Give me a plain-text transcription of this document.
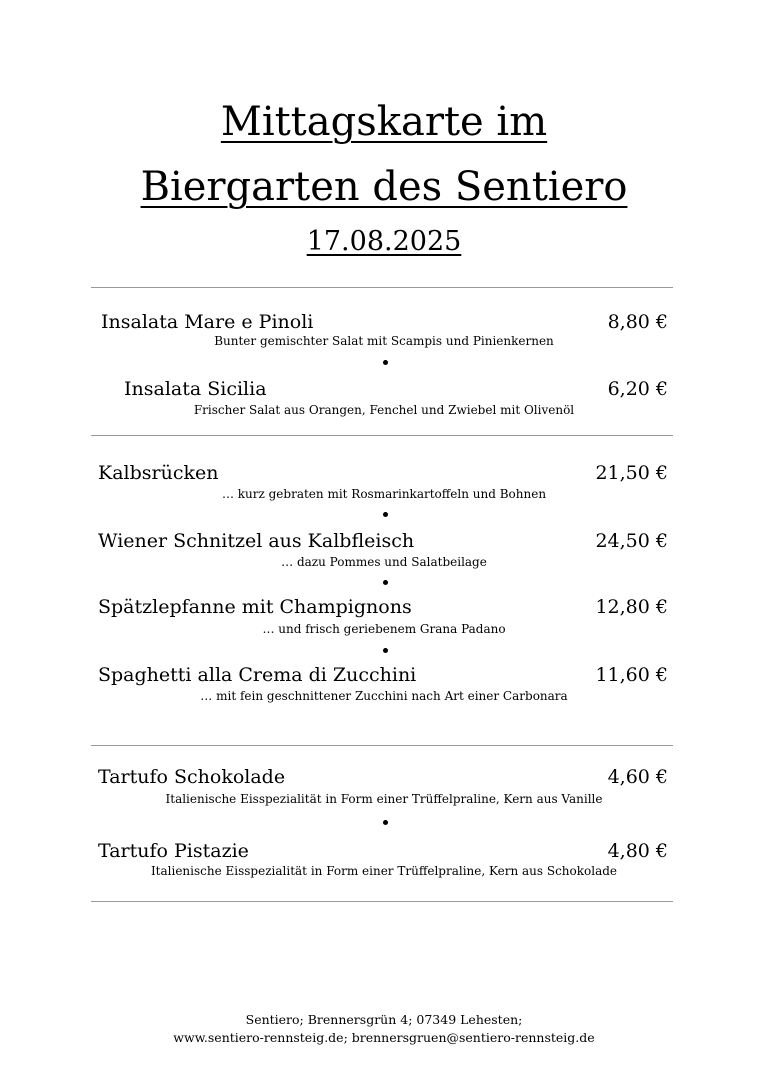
Mittagskarte im
Biergarten des Sentiero
17.08.2025
Insalata Mare e Pinoli	8,80 €
Bunter gemischter Salat mit Scampis und Pinienkernen
Insalata Sicilia	6,20 €
Frischer Salat aus Orangen, Fenchel und Zwiebel mit Olivenöl
Kalbsrücken	21,50 €
… kurz gebraten mit Rosmarinkartoffeln und Bohnen
Wiener Schnitzel aus Kalbfleisch	24,50 €
… dazu Pommes und Salatbeilage
Spätzlepfanne mit Champignons	12,80 €
… und frisch geriebenem Grana Padano
Spaghetti alla Crema di Zucchini	11,60 €
… mit fein geschnittener Zucchini nach Art einer Carbonara
Tartufo Schokolade	4,60 €
Italienische Eisspezialität in Form einer Trüffelpraline, Kern aus Vanille
Tartufo Pistazie	4,80 €
Italienische Eisspezialität in Form einer Trüffelpraline, Kern aus Schokolade
Sentiero; Brennersgrün 4; 07349 Lehesten;
www.sentiero-rennsteig.de; brennersgruen@sentiero-rennsteig.de
